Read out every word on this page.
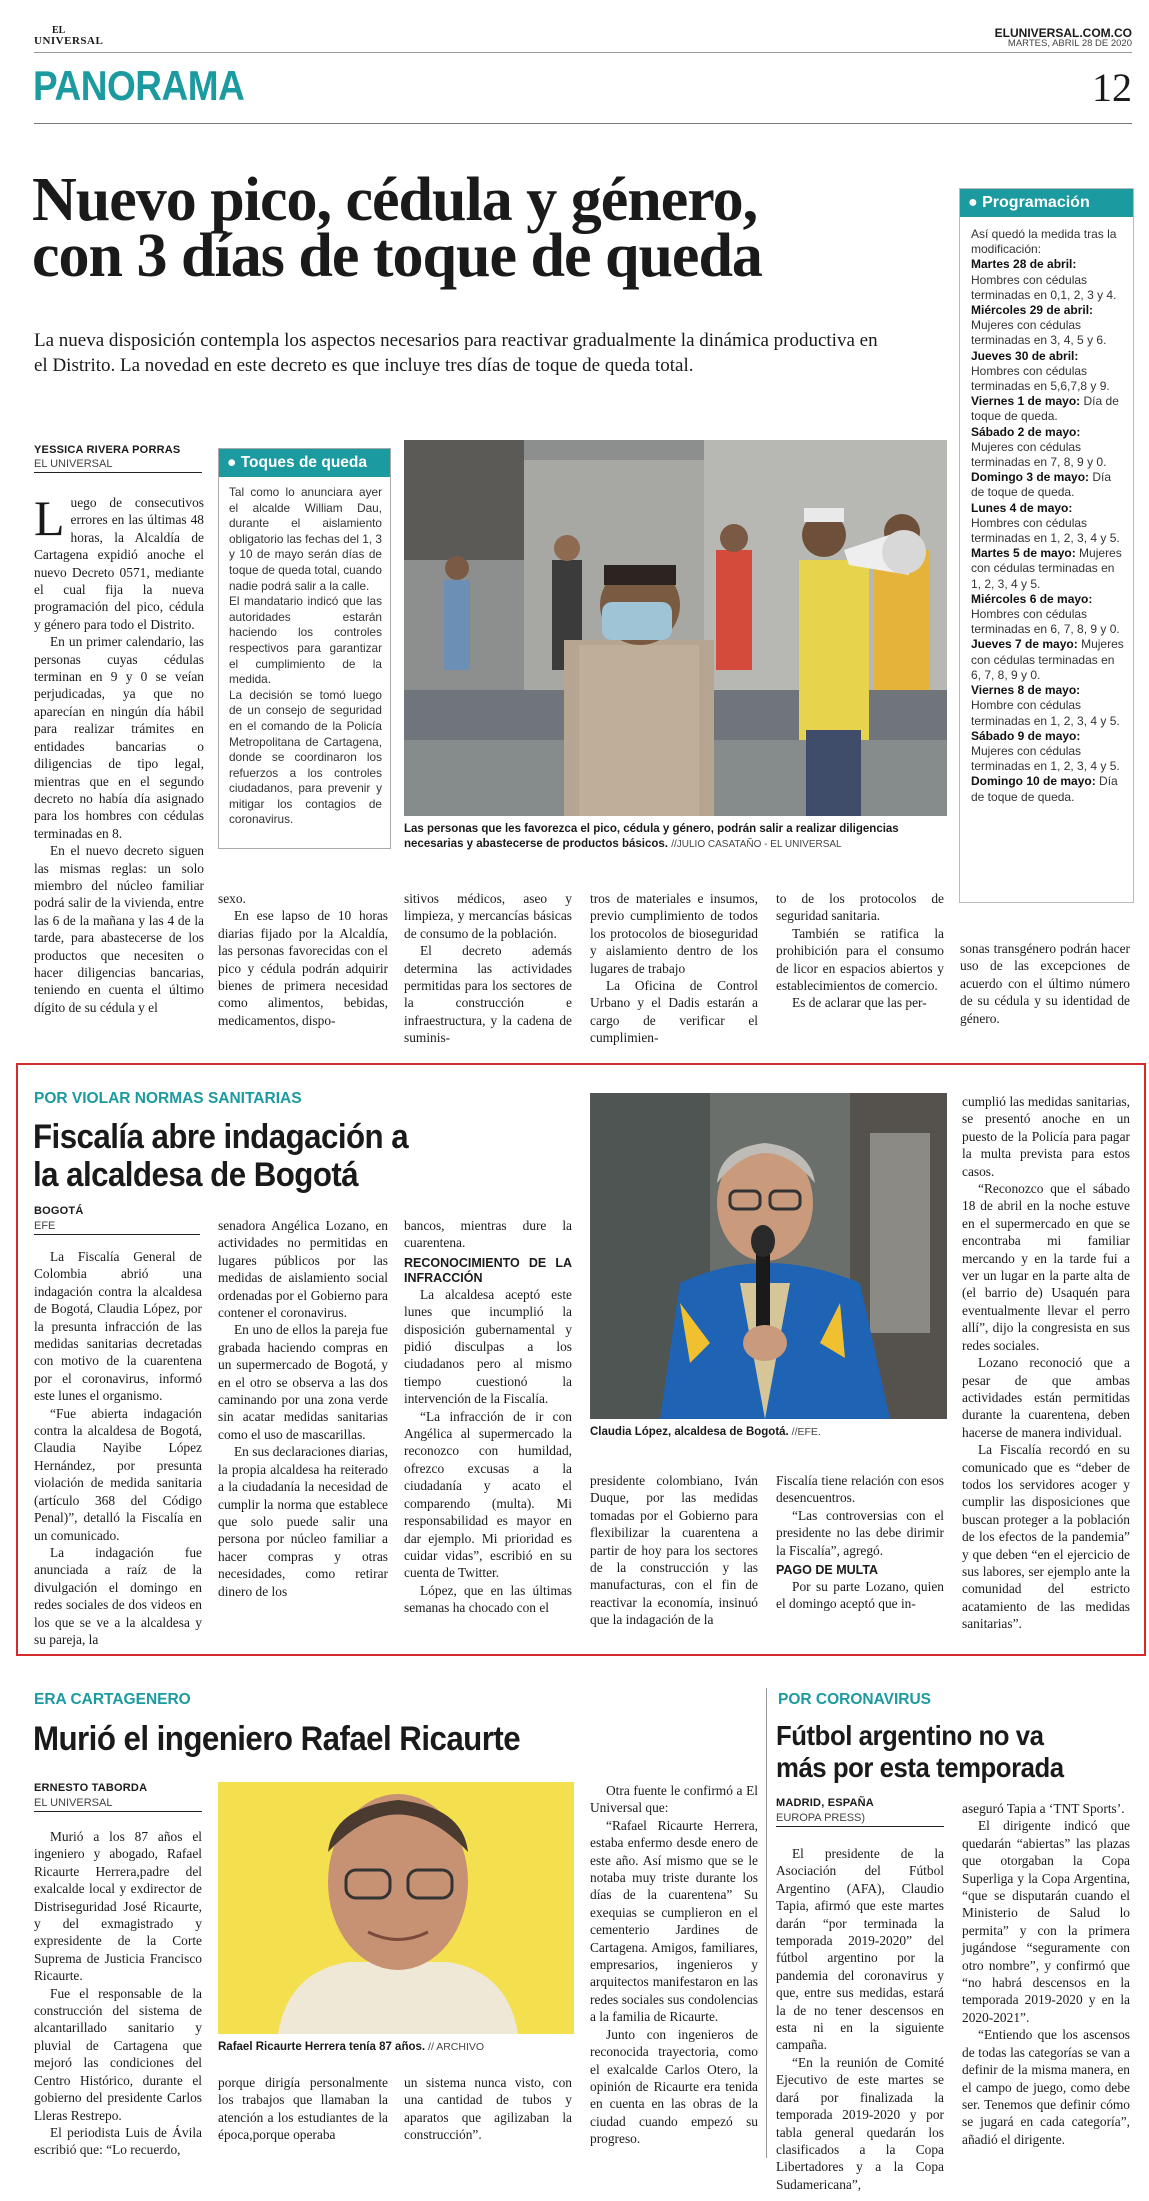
EL
UNIVERSAL
ELUNIVERSAL.COM.CO
MARTES, ABRIL 28 DE 2020
PANORAMA	12
Nuevo pico, cédula y género,
con 3 días de toque de queda
La nueva disposición contempla los aspectos necesarios para reactivar gradualmente la dinámica productiva en el Distrito. La novedad en este decreto es que incluye tres días de toque de queda total.
● Programación

Así quedó la medida tras la modificación:

Martes 28 de abril: Hombres con cédulas terminadas en 0,1, 2, 3 y 4.

Miércoles 29 de abril: Mujeres con cédulas terminadas en 3, 4, 5 y 6.

Jueves 30 de abril: Hombres con cédulas terminadas en 5,6,7,8 y 9.

Viernes 1 de mayo: Día de toque de queda.

Sábado 2 de mayo: Mujeres con cédulas terminadas en 7, 8, 9 y 0.

Domingo 3 de mayo: Día de toque de queda.

Lunes 4 de mayo: Hombres con cédulas terminadas en 1, 2, 3, 4 y 5.

Martes 5 de mayo: Mujeres con cédulas terminadas en 1, 2, 3, 4 y 5.

Miércoles 6 de mayo: Hombres con cédulas terminadas en 6, 7, 8, 9 y 0.

Jueves 7 de mayo: Mujeres con cédulas terminadas en 6, 7, 8, 9 y 0.

Viernes 8 de mayo: Hombre con cédulas terminadas en 1, 2, 3, 4 y 5.

Sábado 9 de mayo: Mujeres con cédulas terminadas en 1, 2, 3, 4 y 5.

Domingo 10 de mayo: Día de toque de queda.

YESSICA RIVERA PORRAS
EL UNIVERSAL

Luego de consecutivos errores en las últimas 48 horas, la Alcaldía de Cartagena expidió anoche el nuevo Decreto 0571, mediante el cual fija la nueva programación del pico, cédula y género para todo el Distrito.

En un primer calendario, las personas cuyas cédulas terminan en 9 y 0 se veían perjudicadas, ya que no aparecían en ningún día hábil para realizar trámites en entidades bancarias o diligencias de tipo legal, mientras que en el segundo decreto no había día asignado para los hombres con cédulas terminadas en 8.

En el nuevo decreto siguen las mismas reglas: un solo miembro del núcleo familiar podrá salir de la vivienda, entre las 6 de la mañana y las 4 de la tarde, para abastecerse de los productos que necesiten o hacer diligencias bancarias, teniendo en cuenta el último dígito de su cédula y el

● Toques de queda

Tal como lo anunciara ayer el alcalde William Dau, durante el aislamiento obligatorio las fechas del 1, 3 y 10 de mayo serán días de toque de queda total, cuando nadie podrá salir a la calle.

El mandatario indicó que las autoridades estarán haciendo los controles respectivos para garantizar el cumplimiento de la medida.

La decisión se tomó luego de un consejo de seguridad en el comando de la Policía Metropolitana de Cartagena, donde se coordinaron los refuerzos a los controles ciudadanos, para prevenir y mitigar los contagios de coronavirus.

Las personas que les favorezca el pico, cédula y género, podrán salir a realizar diligencias necesarias y abastecerse de productos básicos. //JULIO CASATAÑO - EL UNIVERSAL

sexo.

En ese lapso de 10 horas diarias fijado por la Alcaldía, las personas favorecidas con el pico y cédula podrán adquirir bienes de primera necesidad como alimentos, bebidas, medicamentos, dispo-

sitivos médicos, aseo y limpieza, y mercancías básicas de consumo de la población.

El decreto además determina las actividades permitidas para los sectores de la construcción e infraestructura, y la cadena de suminis-

tros de materiales e insumos, previo cumplimiento de todos los protocolos de bioseguridad y aislamiento dentro de los lugares de trabajo

La Oficina de Control Urbano y el Dadis estarán a cargo de verificar el cumplimien-

to de los protocolos de seguridad sanitaria.

También se ratifica la prohibición para el consumo de licor en espacios abiertos y establecimientos de comercio.

Es de aclarar que las per-

sonas transgénero podrán hacer uso de las excepciones de acuerdo con el último número de su cédula y su identidad de género.

POR VIOLAR NORMAS SANITARIAS
Fiscalía abre indagación a
la alcaldesa de Bogotá
BOGOTÁ
EFE

La Fiscalía General de Colombia abrió una indagación contra la alcaldesa de Bogotá, Claudia López, por la presunta infracción de las medidas sanitarias decretadas con motivo de la cuarentena por el coronavirus, informó este lunes el organismo.

“Fue abierta indagación contra la alcaldesa de Bogotá, Claudia Nayibe López Hernández, por presunta violación de medida sanitaria (artículo 368 del Código Penal)”, detalló la Fiscalía en un comunicado.

La indagación fue anunciada a raíz de la divulgación el domingo en redes sociales de dos videos en los que se ve a la alcaldesa y su pareja, la

senadora Angélica Lozano, en actividades no permitidas en lugares públicos por las medidas de aislamiento social ordenadas por el Gobierno para contener el coronavirus.

En uno de ellos la pareja fue grabada haciendo compras en un supermercado de Bogotá, y en el otro se observa a las dos caminando por una zona verde sin acatar medidas sanitarias como el uso de mascarillas.

En sus declaraciones diarias, la propia alcaldesa ha reiterado a la ciudadanía la necesidad de cumplir la norma que establece que solo puede salir una persona por núcleo familiar a hacer compras y otras necesidades, como retirar dinero de los

bancos, mientras dure la cuarentena.

RECONOCIMIENTO DE LA INFRACCIÓN

La alcaldesa aceptó este lunes que incumplió la disposición gubernamental y pidió disculpas a los ciudadanos pero al mismo tiempo cuestionó la intervención de la Fiscalía.

“La infracción de ir con Angélica al supermercado la reconozco con humildad, ofrezco excusas a la ciudadanía y acato el comparendo (multa). Mi responsabilidad es mayor en dar ejemplo. Mi prioridad es cuidar vidas”, escribió en su cuenta de Twitter.

López, que en las últimas semanas ha chocado con el

Claudia López, alcaldesa de Bogotá. //EFE.

presidente colombiano, Iván Duque, por las medidas tomadas por el Gobierno para flexibilizar la cuarentena a partir de hoy para los sectores de la construcción y las manufacturas, con el fin de reactivar la economía, insinuó que la indagación de la

Fiscalía tiene relación con esos desencuentros.

“Las controversias con el presidente no las debe dirimir la Fiscalía”, agregó.

PAGO DE MULTA

Por su parte Lozano, quien el domingo aceptó que in-

cumplió las medidas sanitarias, se presentó anoche en un puesto de la Policía para pagar la multa prevista para estos casos.

“Reconozco que el sábado 18 de abril en la noche estuve en el supermercado en que se encontraba mi familiar mercando y en la tarde fui a ver un lugar en la parte alta de (el barrio de) Usaquén para eventualmente llevar el perro allí”, dijo la congresista en sus redes sociales.

Lozano reconoció que a pesar de que ambas actividades están permitidas durante la cuarentena, deben hacerse de manera individual.

La Fiscalía recordó en su comunicado que es “deber de todos los servidores acoger y cumplir las disposiciones que buscan proteger a la población de los efectos de la pandemia” y que deben “en el ejercicio de sus labores, ser ejemplo ante la comunidad del estricto acatamiento de las medidas sanitarias”.

ERA CARTAGENERO
Murió el ingeniero Rafael Ricaurte
ERNESTO TABORDA
EL UNIVERSAL

Murió a los 87 años el ingeniero y abogado, Rafael Ricaurte Herrera,padre del exalcalde local y exdirector de Distriseguridad José Ricaurte, y del exmagistrado y expresidente de la Corte Suprema de Justicia Francisco Ricaurte.

Fue el responsable de la construcción del sistema de alcantarillado sanitario y pluvial de Cartagena que mejoró las condiciones del Centro Histórico, durante el gobierno del presidente Carlos Lleras Restrepo.

El periodista Luis de Ávila escribió que: “Lo recuerdo,

Rafael Ricaurte Herrera tenía 87 años. // ARCHIVO

porque dirigía personalmente los trabajos que llamaban la atención a los estudiantes de la época,porque operaba

un sistema nunca visto, con una cantidad de tubos y aparatos que agilizaban la construcción”.

Otra fuente le confirmó a El Universal que:

“Rafael Ricaurte Herrera, estaba enfermo desde enero de este año. Así mismo que se le notaba muy triste durante los días de la cuarentena” Su exequias se cumplieron en el cementerio Jardines de Cartagena. Amigos, familiares, empresarios, ingenieros y arquitectos manifestaron en las redes sociales sus condolencias a la familia de Ricaurte.

Junto con ingenieros de reconocida trayectoria, como el exalcalde Carlos Otero, la opinión de Ricaurte era tenida en cuenta en las obras de la ciudad cuando empezó su progreso.

POR CORONAVIRUS
Fútbol argentino no va
más por esta temporada
MADRID, ESPAÑA
EUROPA PRESS)

El presidente de la Asociación del Fútbol Argentino (AFA), Claudio Tapia, afirmó que este martes darán “por terminada la temporada 2019-2020” del fútbol argentino por la pandemia del coronavirus y que, entre sus medidas, estará la de no tener descensos en esta ni en la siguiente campaña.

“En la reunión de Comité Ejecutivo de este martes se dará por finalizada la temporada 2019-2020 y por tabla general quedarán los clasificados a la Copa Libertadores y a la Copa Sudamericana”,

aseguró Tapia a ‘TNT Sports’.

El dirigente indicó que quedarán “abiertas” las plazas que otorgaban la Copa Superliga y la Copa Argentina, “que se disputarán cuando el Ministerio de Salud lo permita” y con la primera jugándose “seguramente con otro nombre”, y confirmó que “no habrá descensos en la temporada 2019-2020 y en la 2020-2021”.

“Entiendo que los ascensos de todas las categorías se van a definir de la misma manera, en el campo de juego, como debe ser. Tenemos que definir cómo se jugará en cada categoría”, añadió el dirigente.
